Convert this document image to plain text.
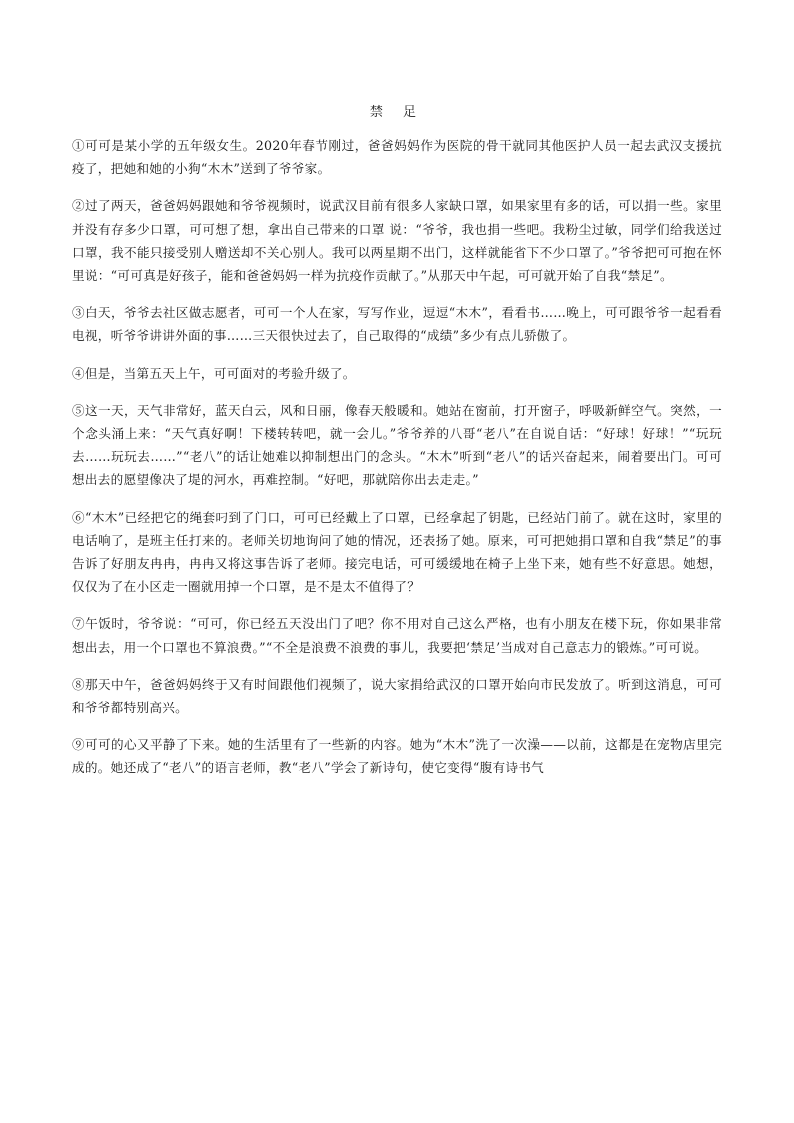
禁 足

①可可是某小学的五年级女生。2020年春节刚过，爸爸妈妈作为医院的骨干就同其他医护人员一起去武汉支援抗疫了，把她和她的小狗“木木”送到了爷爷家。

②过了两天，爸爸妈妈跟她和爷爷视频时，说武汉目前有很多人家缺口罩，如果家里有多的话，可以捐一些。家里并没有存多少口罩，可可想了想，拿出自己带来的口罩 说：“爷爷，我也捐一些吧。我粉尘过敏，同学们给我送过口罩，我不能只接受别人赠送却不关心别人。我可以两星期不出门，这样就能省下不少口罩了。”爷爷把可可抱在怀里说：“可可真是好孩子，能和爸爸妈妈一样为抗疫作贡献了。”从那天中午起，可可就开始了自我“禁足”。

③白天，爷爷去社区做志愿者，可可一个人在家，写写作业，逗逗“木木”，看看书……晚上，可可跟爷爷一起看看电视，听爷爷讲讲外面的事……三天很快过去了，自己取得的“成绩”多少有点儿骄傲了。

④但是，当第五天上午，可可面对的考验升级了。

⑤这一天，天气非常好，蓝天白云，风和日丽，像春天般暖和。她站在窗前，打开窗子，呼吸新鲜空气。突然，一个念头涌上来：“天气真好啊！下楼转转吧，就一会儿。”爷爷养的八哥“老八”在自说自话：“好球！好球！”“玩玩去……玩玩去……”“老八”的话让她难以抑制想出门的念头。“木木”听到“老八”的话兴奋起来，闹着要出门。可可想出去的愿望像决了堤的河水，再难控制。“好吧，那就陪你出去走走。”

⑥“木木”已经把它的绳套叼到了门口，可可已经戴上了口罩，已经拿起了钥匙，已经站门前了。就在这时，家里的电话响了，是班主任打来的。老师关切地询问了她的情况，还表扬了她。原来，可可把她捐口罩和自我“禁足”的事告诉了好朋友冉冉，冉冉又将这事告诉了老师。接完电话，可可缓缓地在椅子上坐下来，她有些不好意思。她想，仅仅为了在小区走一圈就用掉一个口罩，是不是太不值得了？

⑦午饭时，爷爷说：“可可，你已经五天没出门了吧？你不用对自己这么严格，也有小朋友在楼下玩，你如果非常想出去，用一个口罩也不算浪费。”“不全是浪费不浪费的事儿，我要把‘禁足’当成对自己意志力的锻炼。”可可说。

⑧那天中午，爸爸妈妈终于又有时间跟他们视频了，说大家捐给武汉的口罩开始向市民发放了。听到这消息，可可和爷爷都特别高兴。

⑨可可的心又平静了下来。她的生活里有了一些新的内容。她为“木木”洗了一次澡——以前，这都是在宠物店里完成的。她还成了“老八”的语言老师，教“老八”学会了新诗句，使它变得“腹有诗书气
